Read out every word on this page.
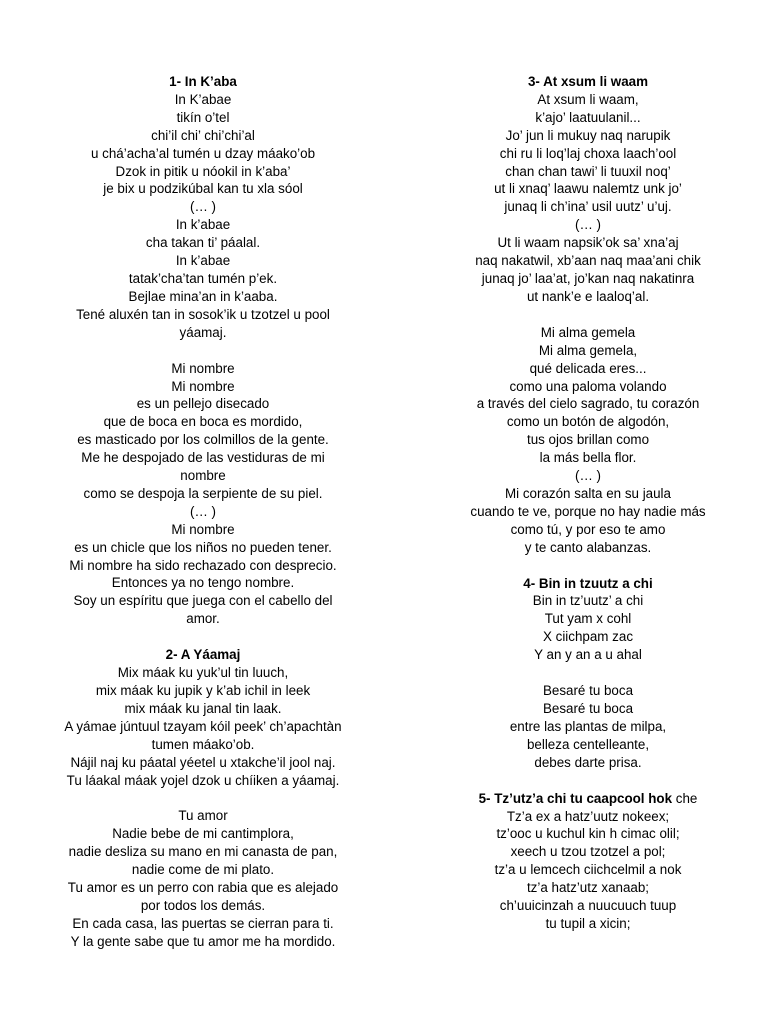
1- In K’aba
In K’abae
tikín o’tel
chi’il chi’ chi’chi’al
u chá’acha’al tumén u dzay máako’ob
Dzok in pitik u nóokil in k’aba’
je bix u podzikúbal kan tu xla sóol
(… )
In k’abae
cha takan ti’ páalal.
In k’abae
tatak’cha’tan tumén p’ek.
Bejlae mina’an in k’aaba.
Tené aluxén tan in sosok’ik u tzotzel u pool
yáamaj.
Mi nombre
Mi nombre
es un pellejo disecado
que de boca en boca es mordido,
es masticado por los colmillos de la gente.
Me he despojado de las vestiduras de mi
nombre
como se despoja la serpiente de su piel.
(… )
Mi nombre
es un chicle que los niños no pueden tener.
Mi nombre ha sido rechazado con desprecio.
Entonces ya no tengo nombre.
Soy un espíritu que juega con el cabello del
amor.
2- A Yáamaj
Mix máak ku yuk’ul tin luuch,
mix máak ku jupik y k’ab ichil in leek
mix máak ku janal tin laak.
A yámae júntuul tzayam kóil peek’ ch’apachtàn
tumen máako’ob.
Nájil naj ku páatal yéetel u xtakche’il jool naj.
Tu láakal máak yojel dzok u chíiken a yáamaj.
Tu amor
Nadie bebe de mi cantimplora,
nadie desliza su mano en mi canasta de pan,
nadie come de mi plato.
Tu amor es un perro con rabia que es alejado
por todos los demás.
En cada casa, las puertas se cierran para ti.
Y la gente sabe que tu amor me ha mordido.
3- At xsum li waam
At xsum li waam,
k’ajo’ laatuulanil...
Jo’ jun li mukuy naq narupik
chi ru li loq’laj choxa laach’ool
chan chan tawi’ li tuuxil noq’
ut li xnaq’ laawu nalemtz unk jo’
junaq li ch’ina’ usil uutz’ u’uj.
(… )
Ut li waam napsik’ok sa’ xna’aj
naq nakatwil, xb’aan naq maa’ani chik
junaq jo’ laa’at, jo’kan naq nakatinra
ut nank’e e laaloq’al.
Mi alma gemela
Mi alma gemela,
qué delicada eres...
como una paloma volando
a través del cielo sagrado, tu corazón
como un botón de algodón,
tus ojos brillan como
la más bella flor.
(… )
Mi corazón salta en su jaula
cuando te ve, porque no hay nadie más
como tú, y por eso te amo
y te canto alabanzas.
4- Bin in tzuutz a chi
Bin in tz’uutz’ a chi
Tut yam x cohl
X ciichpam zac
Y an y an a u ahal
Besaré tu boca
Besaré tu boca
entre las plantas de milpa,
belleza centelleante,
debes darte prisa.
5- Tz’utz’a chi tu caapcool hok che
Tz’a ex a hatz’uutz nokeex;
tz’ooc u kuchul kin h cimac olil;
xeech u tzou tzotzel a pol;
tz’a u lemcech ciichcelmil a nok
tz’a hatz’utz xanaab;
ch’uuicinzah a nuucuuch tuup
tu tupil a xicin;
